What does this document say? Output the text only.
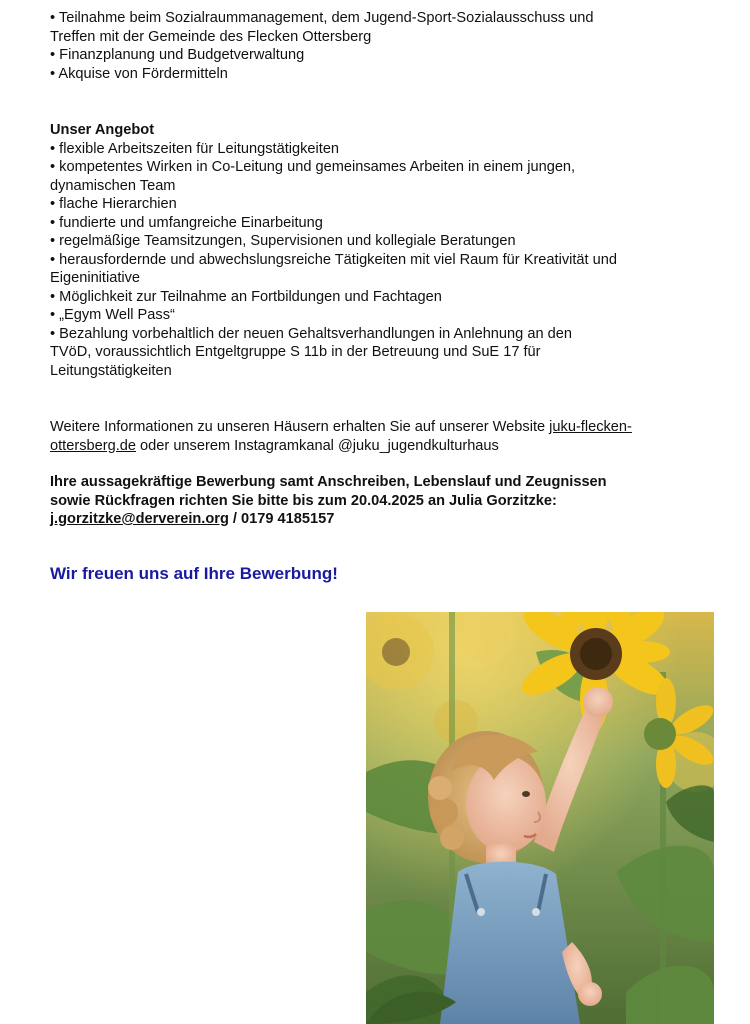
• Teilnahme beim Sozialraummanagement, dem Jugend-Sport-Sozialausschuss und
Treffen mit der Gemeinde des Flecken Ottersberg
• Finanzplanung und Budgetverwaltung
• Akquise von Fördermitteln
Unser Angebot
• flexible Arbeitszeiten für Leitungstätigkeiten
• kompetentes Wirken in Co-Leitung und gemeinsames Arbeiten in einem jungen,
dynamischen Team
• flache Hierarchien
• fundierte und umfangreiche Einarbeitung
• regelmäßige Teamsitzungen, Supervisionen und kollegiale Beratungen
• herausfordernde und abwechslungsreiche Tätigkeiten mit viel Raum für Kreativität und
Eigeninitiative
• Möglichkeit zur Teilnahme an Fortbildungen und Fachtagen
• „Egym Well Pass“
• Bezahlung vorbehaltlich der neuen Gehaltsverhandlungen in Anlehnung an den
TVöD, voraussichtlich Entgeltgruppe S 11b in der Betreuung und SuE 17 für
Leitungstätigkeiten
Weitere Informationen zu unseren Häusern erhalten Sie auf unserer Website juku-flecken-
ottersberg.de oder unserem Instagramkanal @juku_jugendkulturhaus
Ihre aussagekräftige Bewerbung samt Anschreiben, Lebenslauf und Zeugnissen
sowie Rückfragen richten Sie bitte bis zum 20.04.2025 an Julia Gorzitzke:
j.gorzitzke@derverein.org / 0179 4185157
Wir freuen uns auf Ihre Bewerbung!
